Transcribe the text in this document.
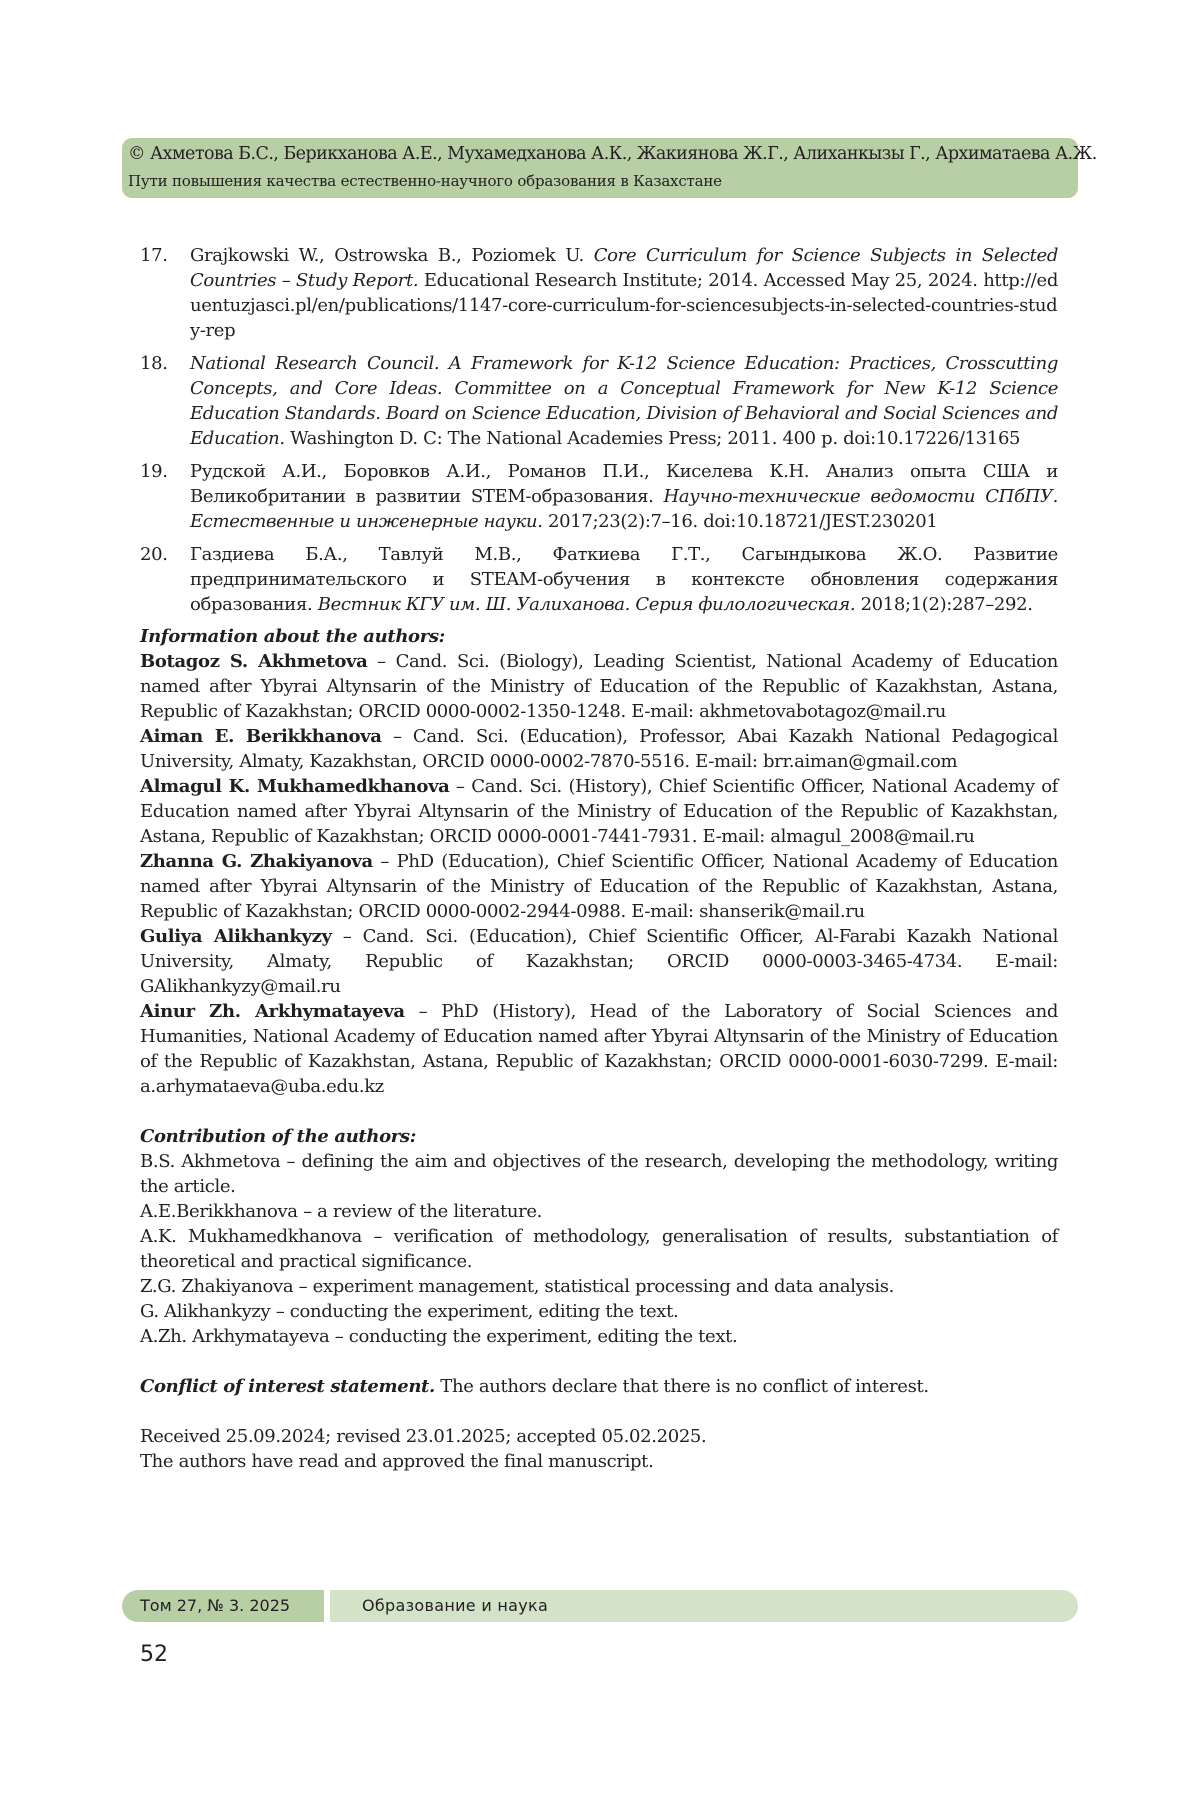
© Ахметова Б.С., Берикханова А.Е., Мухамедханова А.К., Жакиянова Ж.Г., Алиханкызы Г., Архиматаева А.Ж.
Пути повышения качества естественно-научного образования в Казахстане
17.	Grajkowski W., Ostrowska B., Poziomek U. Core Curriculum for Science Subjects in Selected Countries – Study Report. Educational Research Institute; 2014. Accessed May 25, 2024. http://eduentuzjasci.pl/en/publications/1147-core-curriculum-for-sciencesubjects-in-selected-countries-study-rep
18.	National Research Council. A Framework for K-12 Science Education: Practices, Crosscutting Concepts, and Core Ideas. Committee on a Conceptual Framework for New K-12 Science Education Standards. Board on Science Education, Division of Behavioral and Social Sciences and Education. Washington D. C: The National Academies Press; 2011. 400 p. doi:10.17226/13165
19.	Рудской А.И., Боровков А.И., Романов П.И., Киселева К.Н. Анализ опыта США и Великобритании в развитии STEM-образования. Научно-технические ведомости СПбПУ. Естественные и инженерные науки. 2017;23(2):7–16. doi:10.18721/JEST.230201
20.	Газдиева Б.А., Тавлуй М.В., Фаткиева Г.Т., Сагындыкова Ж.О. Развитие предпринимательского и STEAM-обучения в контексте обновления содержания образования. Вестник КГУ им. Ш. Уалиханова. Серия филологическая. 2018;1(2):287–292.

Information about the authors:

Botagoz S. Akhmetova – Cand. Sci. (Biology), Leading Scientist, National Academy of Education named after Ybyrai Altynsarin of the Ministry of Education of the Republic of Kazakhstan, Astana, Republic of Kazakhstan; ORCID 0000-0002-1350-1248. E-mail: akhmetovabotagoz@mail.ru

Aiman E. Berikkhanova – Cand. Sci. (Education), Professor, Abai Kazakh National Pedagogical University, Almaty, Kazakhstan, ORCID 0000-0002-7870-5516. E-mail: brr.aiman@gmail.com

Almagul K. Mukhamedkhanova – Cand. Sci. (History), Chief Scientific Officer, National Academy of Education named after Ybyrai Altynsarin of the Ministry of Education of the Republic of Kazakhstan, Astana, Republic of Kazakhstan; ORCID 0000-0001-7441-7931. E-mail: almagul_2008@mail.ru

Zhanna G. Zhakiyanova – PhD (Education), Chief Scientific Officer, National Academy of Education named after Ybyrai Altynsarin of the Ministry of Education of the Republic of Kazakhstan, Astana, Republic of Kazakhstan; ORCID 0000-0002-2944-0988. E-mail: shanserik@mail.ru

Guliya Alikhankyzy – Cand. Sci. (Education), Chief Scientific Officer, Al-Farabi Kazakh National University, Almaty, Republic of Kazakhstan; ORCID 0000-0003-3465-4734. E-mail: GAlikhankyzy@mail.ru

Ainur Zh. Arkhymatayeva – PhD (History), Head of the Laboratory of Social Sciences and Humanities, National Academy of Education named after Ybyrai Altynsarin of the Ministry of Education of the Republic of Kazakhstan, Astana, Republic of Kazakhstan; ORCID 0000-0001-6030-7299. E-mail: a.arhymataeva@uba.edu.kz

Contribution of the authors:

B.S. Akhmetova – defining the aim and objectives of the research, developing the methodology, writing the article.

A.E.Berikkhanova – a review of the literature.

A.K. Mukhamedkhanova – verification of methodology, generalisation of results, substantiation of theoretical and practical significance.

Z.G. Zhakiyanova – experiment management, statistical processing and data analysis.

G. Alikhankyzy – conducting the experiment, editing the text.

A.Zh. Arkhymatayeva – conducting the experiment, editing the text.

Conflict of interest statement. The authors declare that there is no conflict of interest.

Received 25.09.2024; revised 23.01.2025; accepted 05.02.2025.

The authors have read and approved the final manuscript.

Том 27, № 3. 2025	Образование и наука
52
